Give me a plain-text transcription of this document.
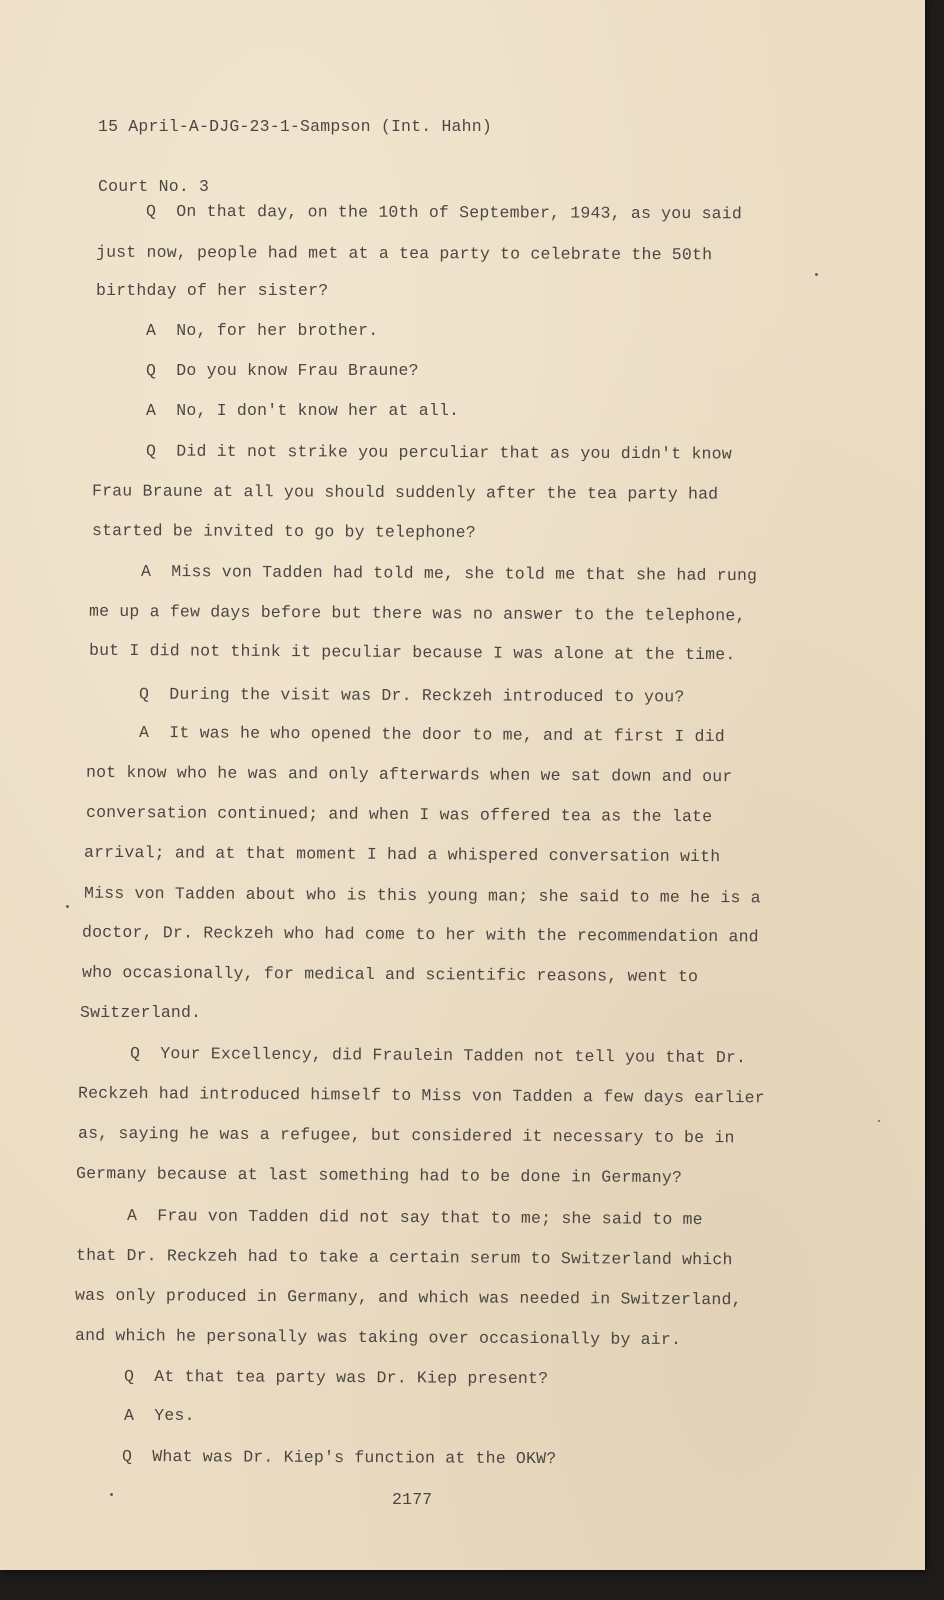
15 April-A-DJG-23-1-Sampson (Int. Hahn)

Court No. 3

Q  On that day, on the 10th of September, 1943, as you said
just now, people had met at a tea party to celebrate the 50th
birthday of her sister?
A  No, for her brother.
Q  Do you know Frau Braune?
A  No, I don't know her at all.
Q  Did it not strike you perculiar that as you didn't know
Frau Braune at all you should suddenly after the tea party had
started be invited to go by telephone?
A  Miss von Tadden had told me, she told me that she had rung
me up a few days before but there was no answer to the telephone,
but I did not think it peculiar because I was alone at the time.
Q  During the visit was Dr. Reckzeh introduced to you?
A  It was he who opened the door to me, and at first I did
not know who he was and only afterwards when we sat down and our
conversation continued; and when I was offered tea as the late
arrival; and at that moment I had a whispered conversation with
Miss von Tadden about who is this young man; she said to me he is a
doctor, Dr. Reckzeh who had come to her with the recommendation and
who occasionally, for medical and scientific reasons, went to
Switzerland.
Q  Your Excellency, did Fraulein Tadden not tell you that Dr.
Reckzeh had introduced himself to Miss von Tadden a few days earlier
as, saying he was a refugee, but considered it necessary to be in
Germany because at last something had to be done in Germany?
A  Frau von Tadden did not say that to me; she said to me
that Dr. Reckzeh had to take a certain serum to Switzerland which
was only produced in Germany, and which was needed in Switzerland,
and which he personally was taking over occasionally by air.
Q  At that tea party was Dr. Kiep present?
A  Yes.
Q  What was Dr. Kiep's function at the OKW?
2177
